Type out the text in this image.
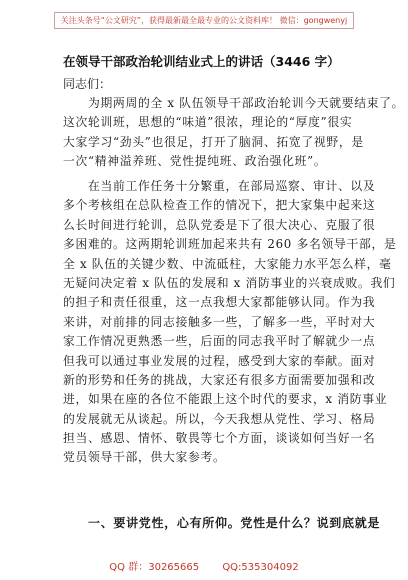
关注头条号“公文研究”，获得最新最全最专业的公文资料库！ 微信：gongwenyj
在领导干部政治轮训结业式上的讲话（3446 字）
同志们：
为期两周的全 x 队伍领导干部政治轮训今天就要结束了。
这次轮训班，思想的“味道”很浓，理论的“厚度”很实
大家学习“劲头”也很足，打开了脑洞、拓宽了视野，是
一次“精神溢养班、党性提纯班、政治强化班”。
在当前工作任务十分繁重，在部局巡察、审计、以及
多个考核组在总队检查工作的情况下，把大家集中起来这
么长时间进行轮训，总队党委是下了很大决心、克服了很
多困难的。这两期轮训班加起来共有 260 多名领导干部，是
全 x 队伍的关键少数、中流砥柱，大家能力水平怎么样，毫
无疑问决定着 x 队伍的发展和 x 消防事业的兴衰成败。我们
的担子和责任很重，这一点我想大家都能够认同。作为我
来讲，对前排的同志接触多一些，了解多一些，平时对大
家工作情况更熟悉一些，后面的同志我平时了解就少一点
但我可以通过事业发展的过程，感受到大家的奉献。面对
新的形势和任务的挑战，大家还有很多方面需要加强和改
进，如果在座的各位不能跟上这个时代的要求，x 消防事业
的发展就无从谈起。所以，今天我想从党性、学习、格局
担当、感恩、情怀、敬畏等七个方面，谈谈如何当好一名
党员领导干部，供大家参考。
一、要讲党性，心有所仰。党性是什么？说到底就是
QQ 群：30265665 QQ:535304092
